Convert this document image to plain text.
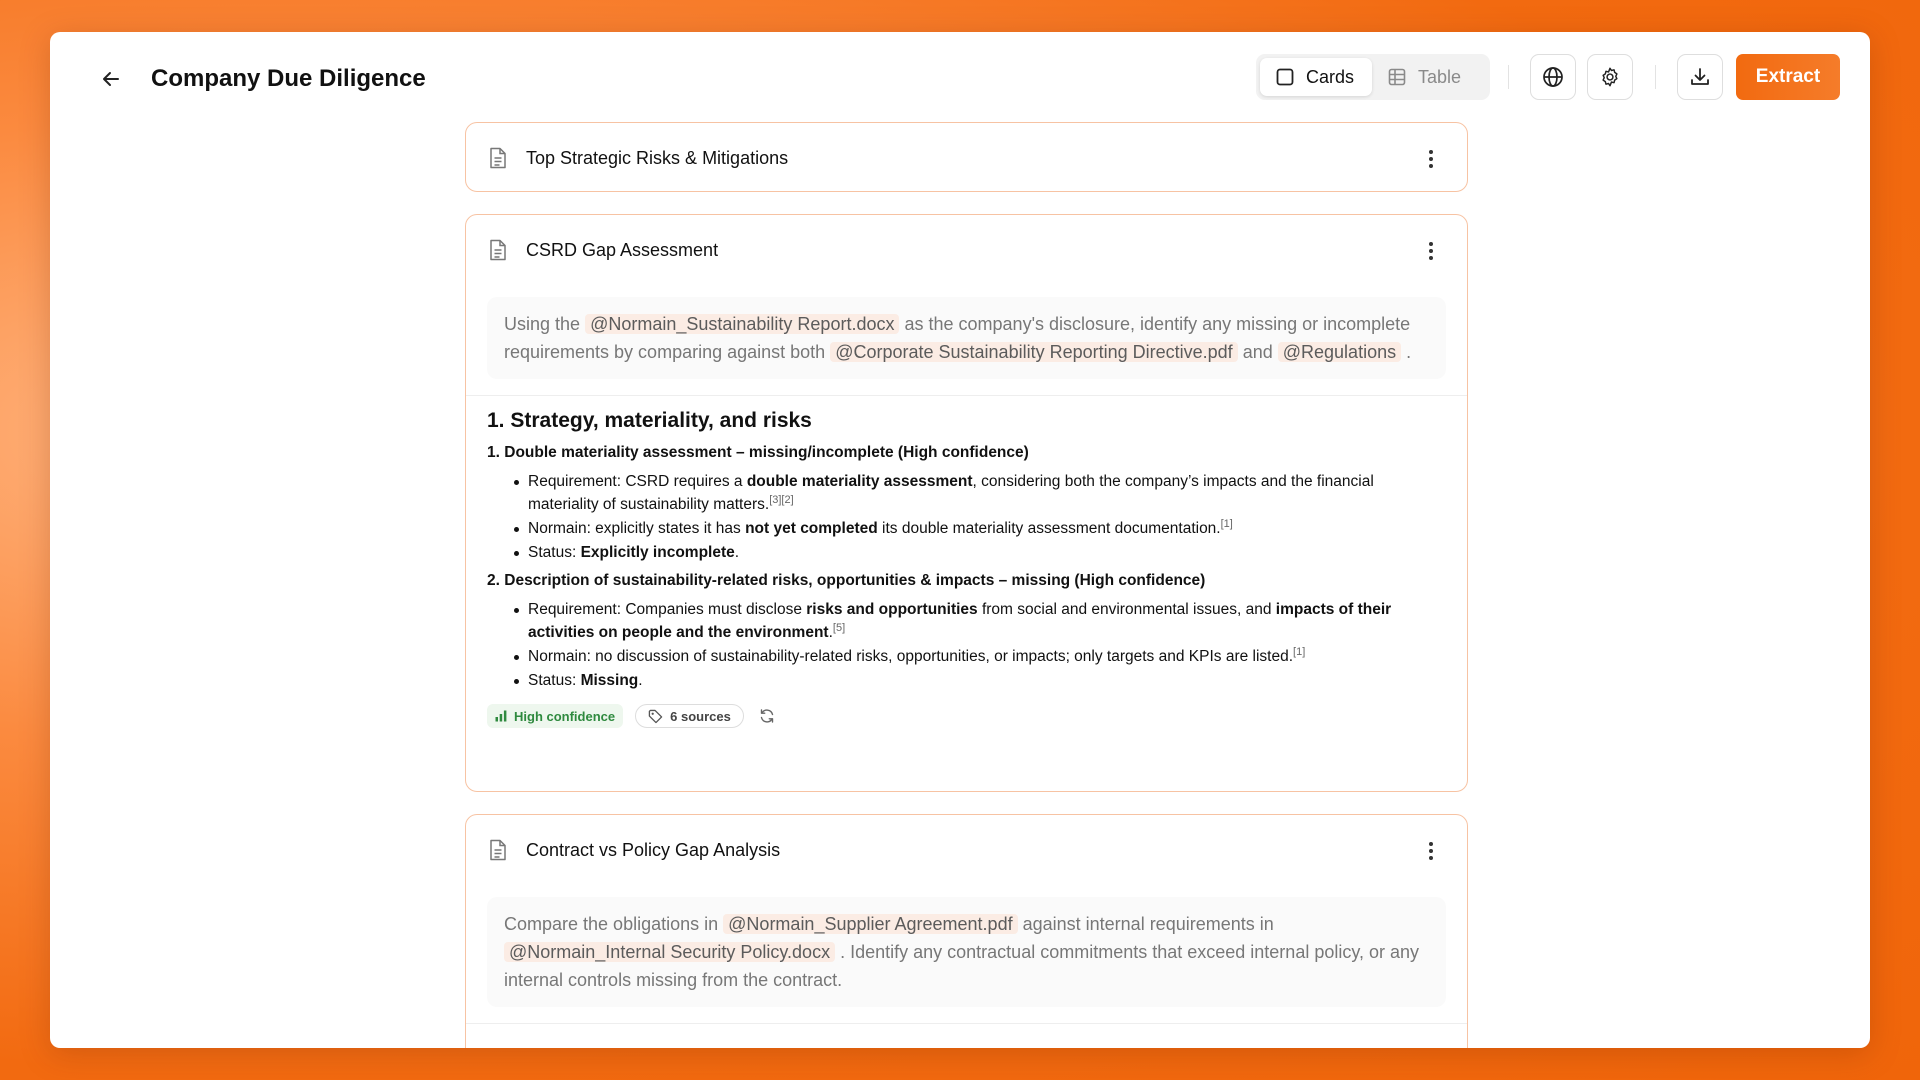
Company Due Diligence	Cards	Table	Extract
Top Strategic Risks & Mitigations
CSRD Gap Assessment
Using the @Normain_Sustainability Report.docx as the company's disclosure, identify any missing or incomplete requirements by comparing against both @Corporate Sustainability Reporting Directive.pdf and @Regulations .
1. Strategy, materiality, and risks
1. Double materiality assessment – missing/incomplete (High confidence)
Requirement: CSRD requires a double materiality assessment, considering both the company’s impacts and the financial materiality of sustainability matters.[3][2]
Normain: explicitly states it has not yet completed its double materiality assessment documentation.[1]
Status: Explicitly incomplete.
2. Description of sustainability-related risks, opportunities & impacts – missing (High confidence)
Requirement: Companies must disclose risks and opportunities from social and environmental issues, and impacts of their activities on people and the environment.[5]
Normain: no discussion of sustainability-related risks, opportunities, or impacts; only targets and KPIs are listed.[1]
Status: Missing.
High confidence	6 sources
Contract vs Policy Gap Analysis
Compare the obligations in @Normain_Supplier Agreement.pdf against internal requirements in @Normain_Internal Security Policy.docx . Identify any contractual commitments that exceed internal policy, or any internal controls missing from the contract.
